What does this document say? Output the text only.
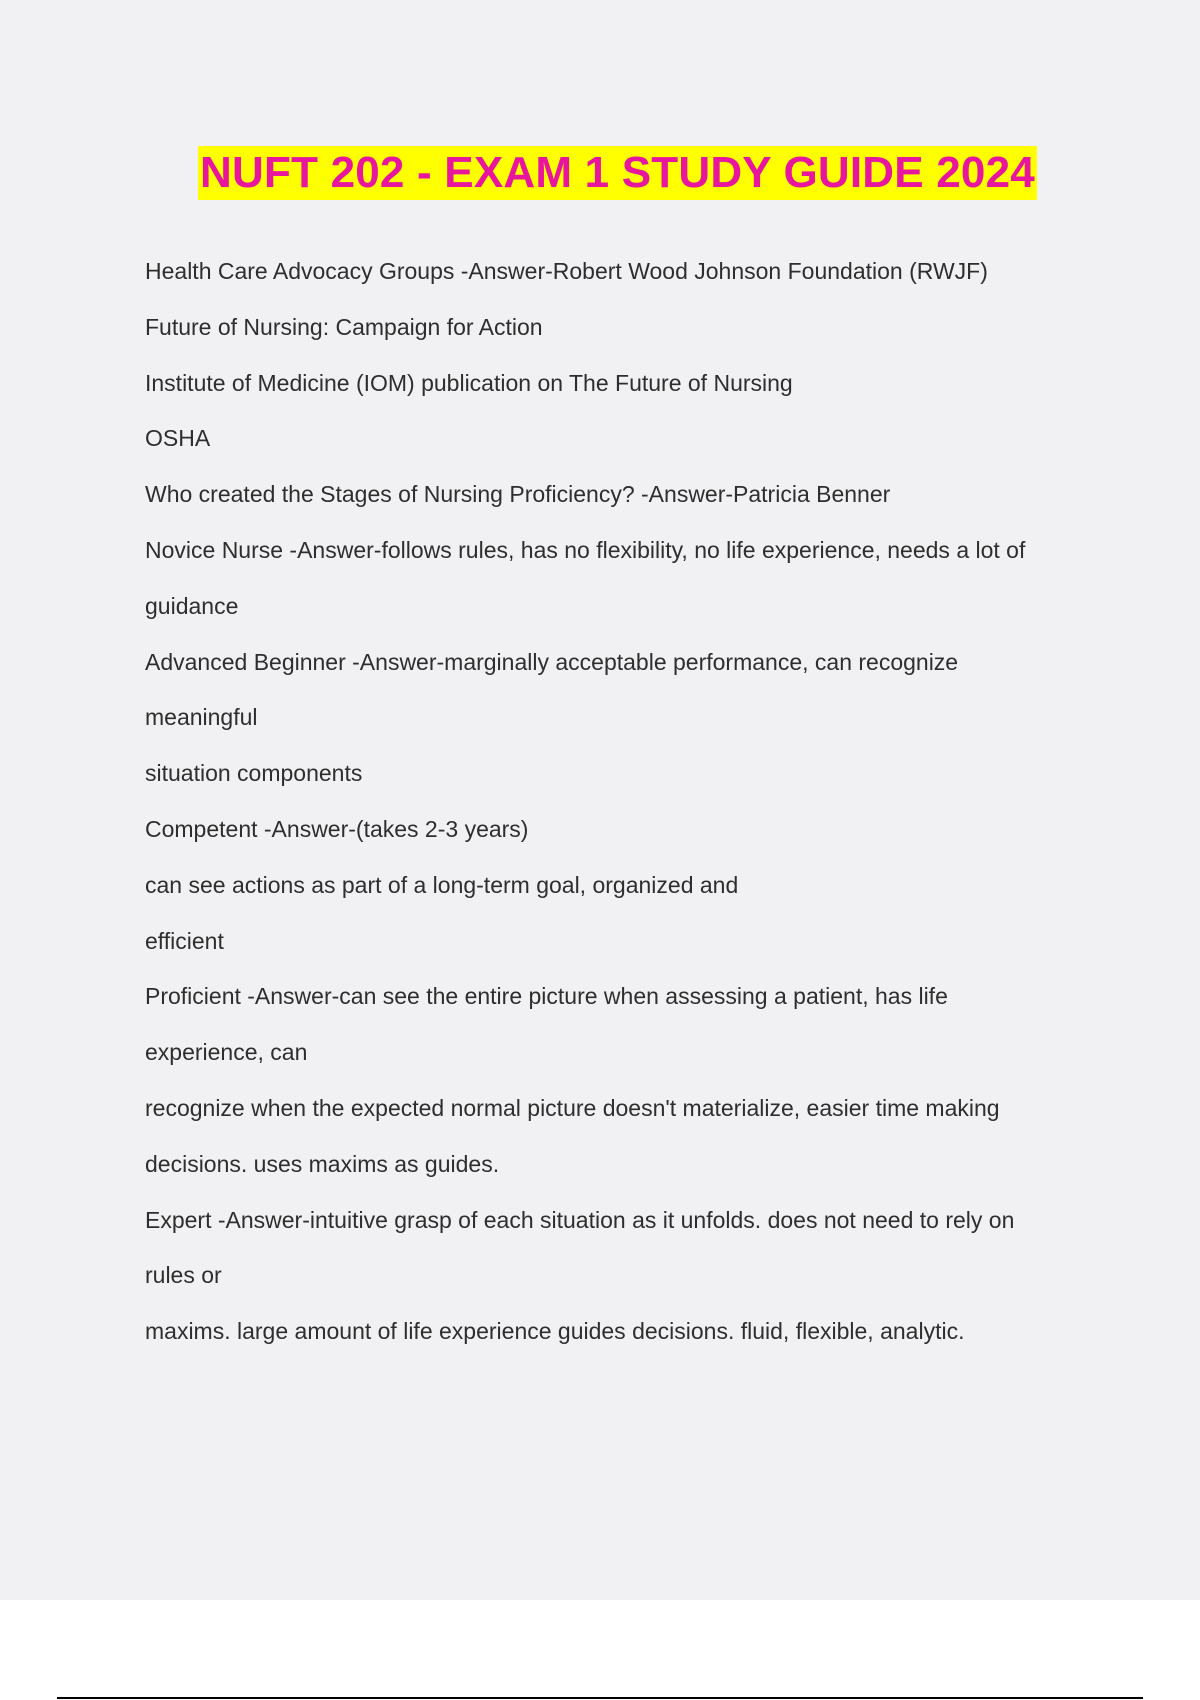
NUFT 202 - EXAM 1 STUDY GUIDE 2024
Health Care Advocacy Groups -Answer-Robert Wood Johnson Foundation (RWJF)
Future of Nursing: Campaign for Action
Institute of Medicine (IOM) publication on The Future of Nursing
OSHA
Who created the Stages of Nursing Proficiency? -Answer-Patricia Benner
Novice Nurse -Answer-follows rules, has no flexibility, no life experience, needs a lot of
guidance
Advanced Beginner -Answer-marginally acceptable performance, can recognize
meaningful
situation components
Competent -Answer-(takes 2-3 years)
can see actions as part of a long-term goal, organized and
efficient
Proficient -Answer-can see the entire picture when assessing a patient, has life
experience, can
recognize when the expected normal picture doesn't materialize, easier time making
decisions. uses maxims as guides.
Expert -Answer-intuitive grasp of each situation as it unfolds. does not need to rely on
rules or
maxims. large amount of life experience guides decisions. fluid, flexible, analytic.
